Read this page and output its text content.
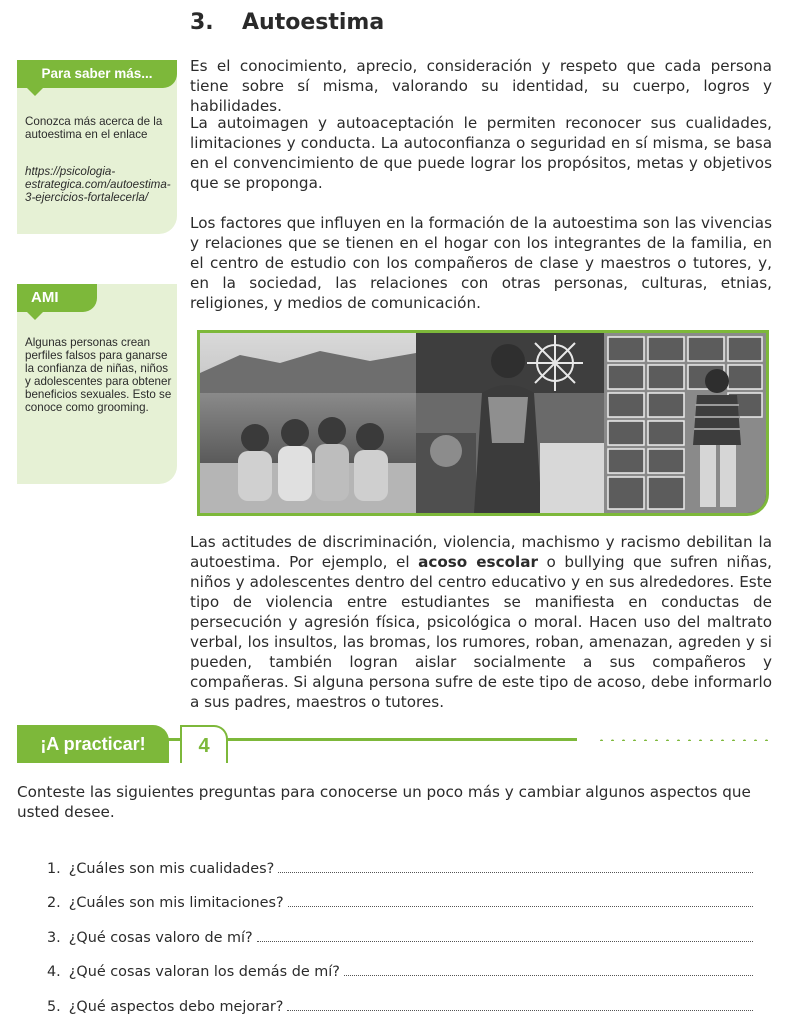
3. Autoestima
Para saber más...
Conozca más acerca de la autoestima en el enlace
https://psicologia-estrategica.com/autoestima-3-ejercicios-fortalecerla/
AMI
Algunas personas crean perfiles falsos para ganarse la confianza de niñas, niños y adolescentes para obtener beneficios sexuales. Esto se conoce como grooming.

Es el conocimiento, aprecio, consideración y respeto que cada persona tiene sobre sí misma, valorando su identidad, su cuerpo, logros y habilidades.

La autoimagen y autoaceptación le permiten reconocer sus cualidades, limitaciones y conducta. La autoconfianza o seguridad en sí misma, se basa en el convencimiento de que puede lograr los propósitos, metas y objetivos que se proponga.

Los factores que influyen en la formación de la autoestima son las vivencias y relaciones que se tienen en el hogar con los integrantes de la familia, en el centro de estudio con los compañeros de clase y maestros o tutores, y, en la sociedad, las relaciones con otras personas, culturas, etnias, religiones, y medios de comunicación.

Las actitudes de discriminación, violencia, machismo y racismo debilitan la autoestima. Por ejemplo, el acoso escolar o bullying que sufren niñas, niños y adolescentes dentro del centro educativo y en sus alrededores. Este tipo de violencia entre estudiantes se manifiesta en conductas de persecución y agresión física, psicológica o moral. Hacen uso del maltrato verbal, los insultos, las bromas, los rumores, roban, amenazan, agreden y si pueden, también logran aislar socialmente a sus compañeros y compañeras. Si alguna persona sufre de este tipo de acoso, debe informarlo a sus padres, maestros o tutores.

¡A practicar!	4

Conteste las siguientes preguntas para conocerse un poco más y cambiar algunos aspectos que usted desee.

1. ¿Cuáles son mis cualidades?
2. ¿Cuáles son mis limitaciones?
3. ¿Qué cosas valoro de mí?
4. ¿Qué cosas valoran los demás de mí?
5. ¿Qué aspectos debo mejorar?
